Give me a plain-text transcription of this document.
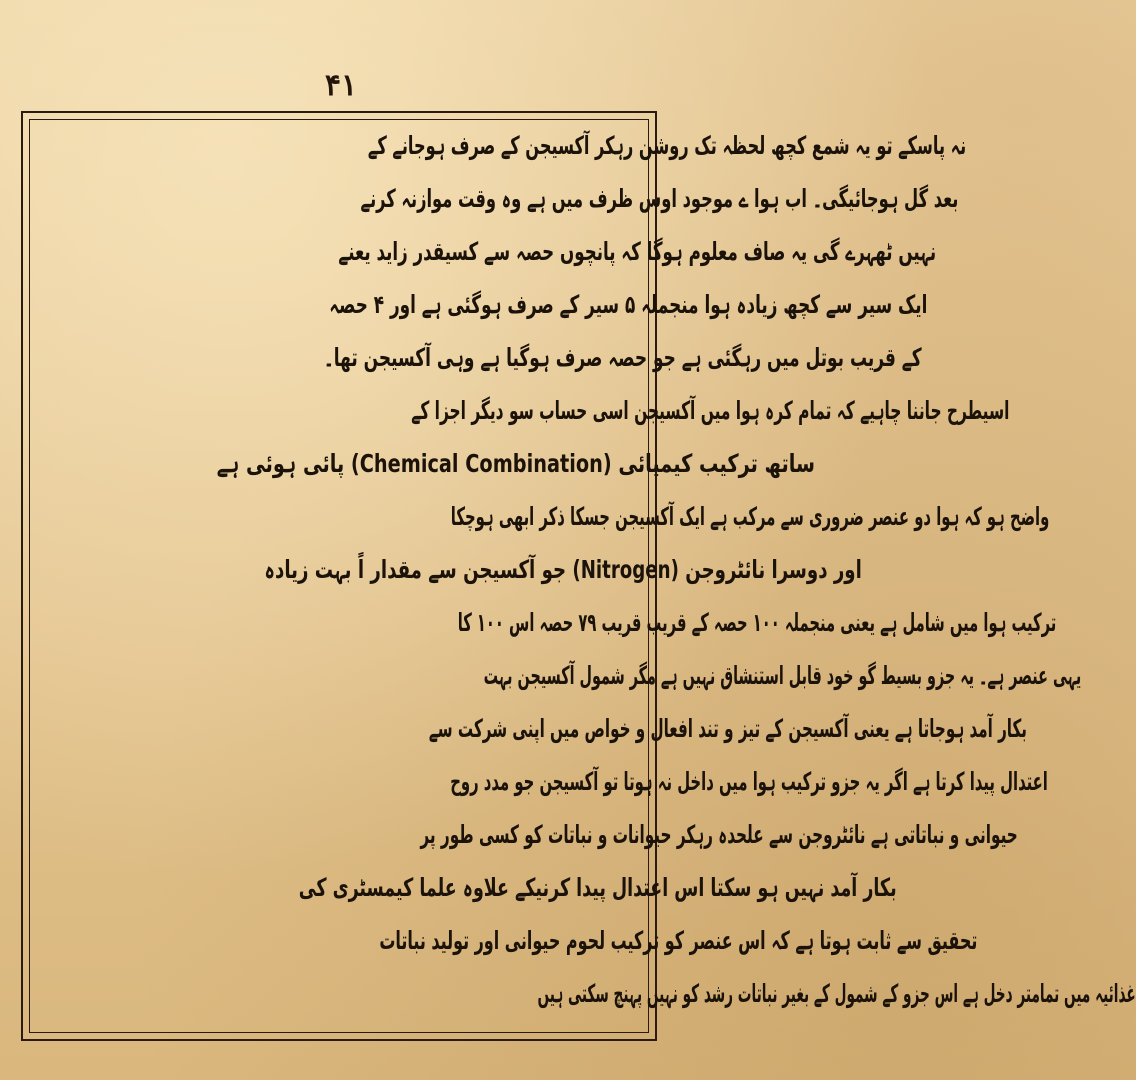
۴۱
نہ پاسکے تو یہ شمع کچھ لحظہ تک روشن رہکر آکسیجن کے صرف ہوجانے کے
بعد گل ہوجائیگی۔ اب ہوا ے موجود اوس ظرف میں ہے وہ وقت موازنہ کرنے
نہیں ٹھہرے گی یہ صاف معلوم ہوگا کہ پانچوں حصہ سے کسیقدر زاید یعنے
ایک سیر سے کچھ زیادہ ہوا منجملہ ۵ سیر کے صرف ہوگئی ہے اور ۴ حصہ
کے قریب بوتل میں رہگئی ہے جو حصہ صرف ہوگیا ہے وہی آکسیجن تھا۔
اسیطرح جاننا چاہیے کہ تمام کرہ ہوا میں آکسیجن اسی حساب سو دیگر اجزا کے
ساتھ ترکیب کیمیائی (Chemical Combination) پائی ہوئی ہے
واضح ہو کہ ہوا دو عنصر ضروری سے مرکب ہے ایک آکسیجن جسکا ذکر ابھی ہوچکا
اور دوسرا نائٹروجن (Nitrogen) جو آکسیجن سے مقدار اً بہت زیادہ
ترکیب ہوا میں شامل ہے یعنی منجملہ ۱۰۰ حصہ کے قریب قریب ۷۹ حصہ اس ۱۰۰ کا
یہی عنصر ہے۔ یہ جزو بسیط گو خود قابل استنشاق نہیں ہے مگر شمول آکسیجن بہت
بکار آمد ہوجاتا ہے یعنی آکسیجن کے تیز و تند افعال و خواص میں اپنی شرکت سے
اعتدال پیدا کرتا ہے اگر یہ جزو ترکیب ہوا میں داخل نہ ہوتا تو آکسیجن جو مدد روح
حیوانی و نباتاتی ہے نائٹروجن سے علحدہ رہکر حیوانات و نباتات کو کسی طور پر
بکار آمد نہیں ہو سکتا اس اعتدال پیدا کرنیکے علاوہ علما کیمسٹری کی
تحقیق سے ثابت ہوتا ہے کہ اس عنصر کو ترکیب لحوم حیوانی اور تولید نباتات
غذائیہ میں تمامتر دخل ہے اس جزو کے شمول کے بغیر نباتات رشد کو نہیں پہنچ سکتی ہیں
